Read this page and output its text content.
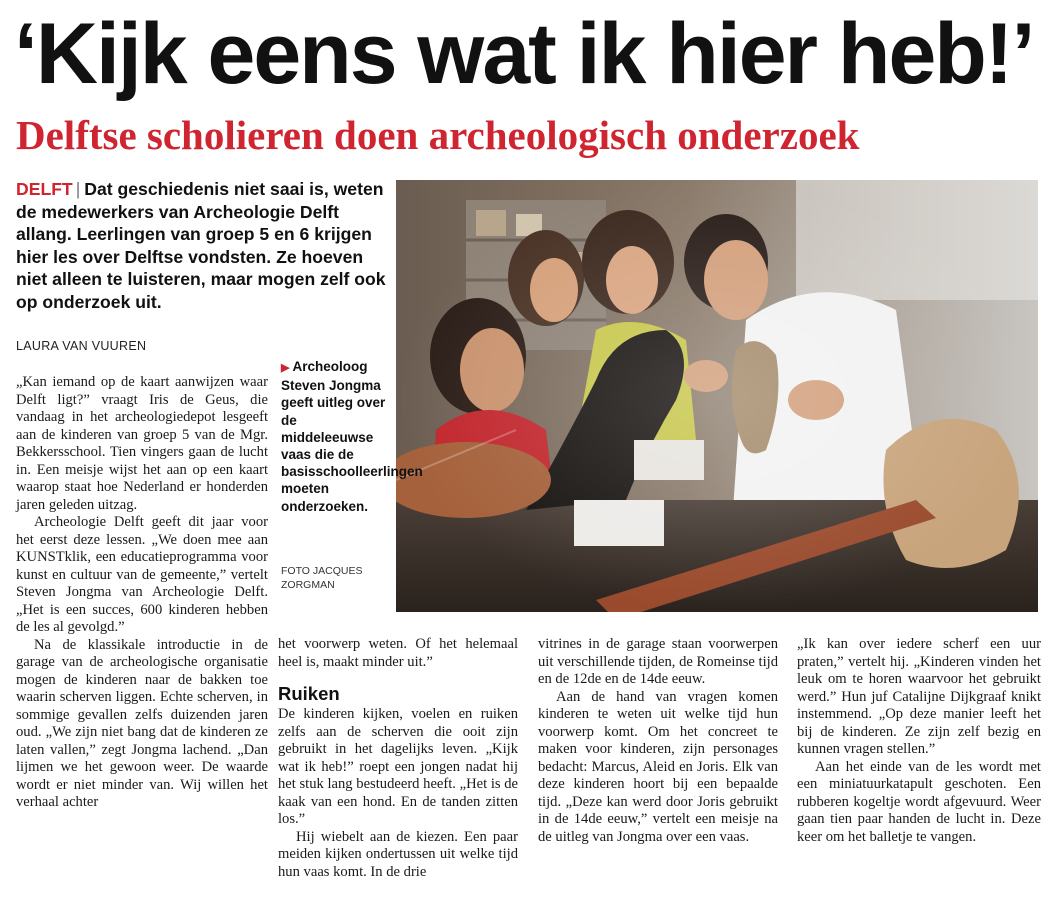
‘Kijk eens wat ik hier heb!’
Delftse scholieren doen archeologisch onderzoek

DELFT | Dat geschiedenis niet saai is, weten de medewerkers van Archeologie Delft allang. Leerlingen van groep 5 en 6 krijgen hier les over Delftse vondsten. Ze hoeven niet alleen te luisteren, maar mogen zelf ook op onderzoek uit.

LAURA VAN VUUREN
▶ Archeoloog Steven Jongma geeft uitleg over de middeleeuwse vaas die de basisschoolleerlingen moeten onderzoeken.
FOTO JACQUES ZORGMAN

„Kan iemand op de kaart aanwijzen waar Delft ligt?” vraagt Iris de Geus, die vandaag in het archeologiedepot lesgeeft aan de kinderen van groep 5 van de Mgr. Bekkersschool. Tien vingers gaan de lucht in. Een meisje wijst het aan op een kaart waarop staat hoe Nederland er honderden jaren geleden uitzag.

Archeologie Delft geeft dit jaar voor het eerst deze lessen. „We doen mee aan KUNSTklik, een educatieprogramma voor kunst en cultuur van de gemeente,” vertelt Steven Jongma van Archeologie Delft. „Het is een succes, 600 kinderen hebben de les al gevolgd.”

Na de klassikale introductie in de garage van de archeologische organisatie mogen de kinderen naar de bakken toe waarin scherven liggen. Echte scherven, in sommige gevallen zelfs duizenden jaren oud. „We zijn niet bang dat de kinderen ze laten vallen,” zegt Jongma lachend. „Dan lijmen we het gewoon weer. De waarde wordt er niet minder van. Wij willen het verhaal achter

het voorwerp weten. Of het helemaal heel is, maakt minder uit.”

Ruiken

De kinderen kijken, voelen en ruiken zelfs aan de scherven die ooit zijn gebruikt in het dagelijks leven. „Kijk wat ik heb!” roept een jongen nadat hij het stuk lang bestudeerd heeft. „Het is de kaak van een hond. En de tanden zitten los.”

Hij wiebelt aan de kiezen. Een paar meiden kijken ondertussen uit welke tijd hun vaas komt. In de drie

vitrines in de garage staan voorwerpen uit verschillende tijden, de Romeinse tijd en de 12de en de 14de eeuw.

Aan de hand van vragen komen kinderen te weten uit welke tijd hun voorwerp komt. Om het concreet te maken voor kinderen, zijn personages bedacht: Marcus, Aleid en Joris. Elk van deze kinderen hoort bij een bepaalde tijd. „Deze kan werd door Joris gebruikt in de 14de eeuw,” vertelt een meisje na de uitleg van Jongma over een vaas.

„Ik kan over iedere scherf een uur praten,” vertelt hij. „Kinderen vinden het leuk om te horen waarvoor het gebruikt werd.” Hun juf Catalijne Dijkgraaf knikt instemmend. „Op deze manier leeft het bij de kinderen. Ze zijn zelf bezig en kunnen vragen stellen.”

Aan het einde van de les wordt met een miniatuurkatapult geschoten. Een rubberen kogeltje wordt afgevuurd. Weer gaan tien paar handen de lucht in. Deze keer om het balletje te vangen.
